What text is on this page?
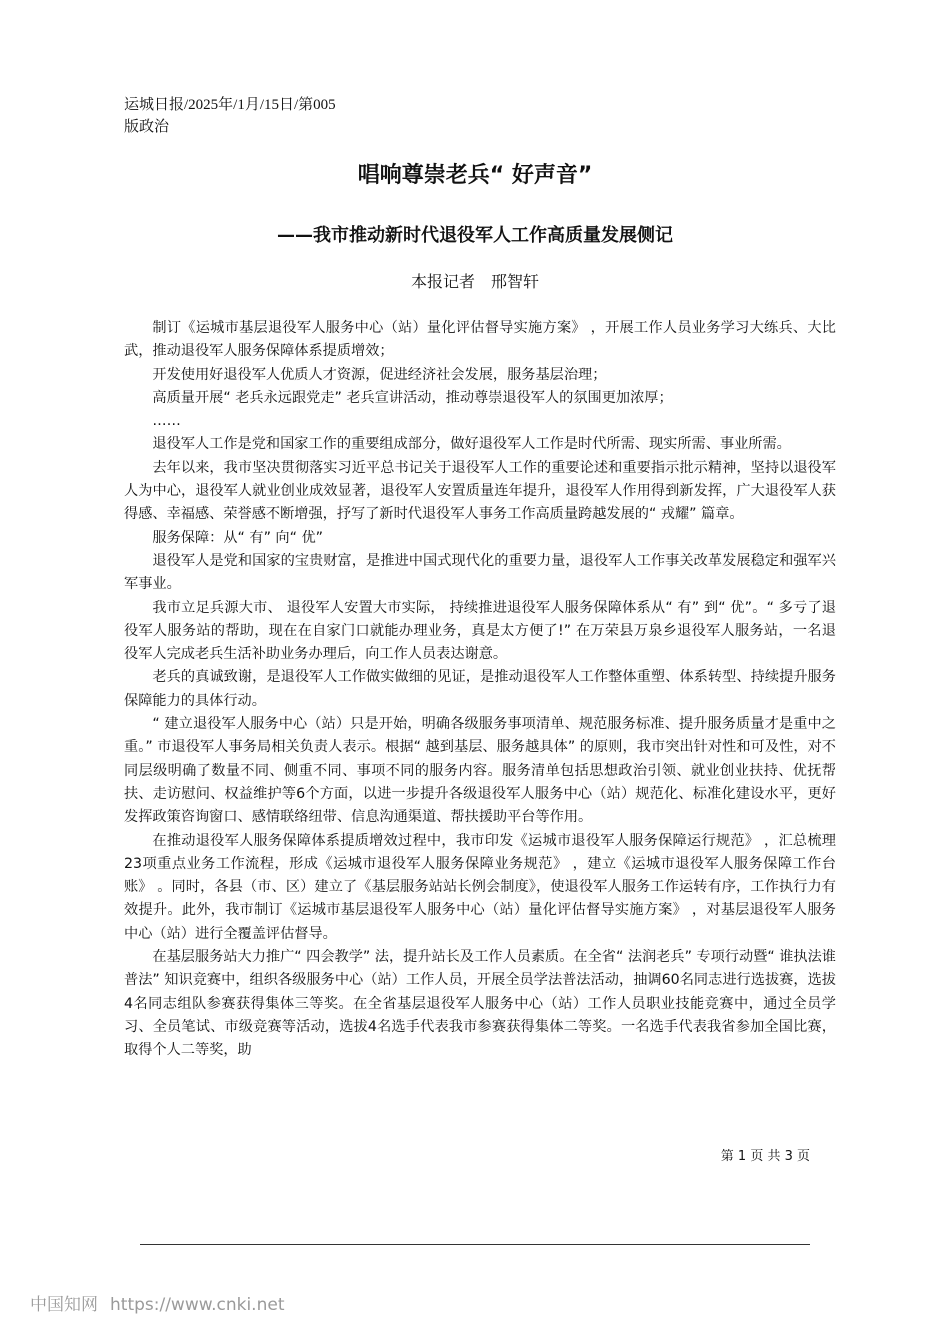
运城日报/2025年/1月/15日/第005
版政治
唱响尊崇老兵“ 好声音”
——我市推动新时代退役军人工作高质量发展侧记
本报记者　邢智轩

制订《运城市基层退役军人服务中心（站）量化评估督导实施方案》 ，开展工作人员业务学习大练兵、大比武，推动退役军人服务保障体系提质增效；

开发使用好退役军人优质人才资源，促进经济社会发展，服务基层治理；

高质量开展“ 老兵永远跟党走” 老兵宣讲活动，推动尊崇退役军人的氛围更加浓厚；

……

退役军人工作是党和国家工作的重要组成部分，做好退役军人工作是时代所需、现实所需、事业所需。

去年以来，我市坚决贯彻落实习近平总书记关于退役军人工作的重要论述和重要指示批示精神，坚持以退役军人为中心，退役军人就业创业成效显著，退役军人安置质量连年提升，退役军人作用得到新发挥，广大退役军人获得感、幸福感、荣誉感不断增强，抒写了新时代退役军人事务工作高质量跨越发展的“ 戎耀” 篇章。

服务保障：从“ 有” 向“ 优”

退役军人是党和国家的宝贵财富，是推进中国式现代化的重要力量，退役军人工作事关改革发展稳定和强军兴军事业。

我市立足兵源大市、 退役军人安置大市实际， 持续推进退役军人服务保障体系从“ 有” 到“ 优”。“ 多亏了退役军人服务站的帮助，现在在自家门口就能办理业务，真是太方便了!” 在万荣县万泉乡退役军人服务站，一名退役军人完成老兵生活补助业务办理后，向工作人员表达谢意。

老兵的真诚致谢，是退役军人工作做实做细的见证，是推动退役军人工作整体重塑、体系转型、持续提升服务保障能力的具体行动。

“ 建立退役军人服务中心（站）只是开始，明确各级服务事项清单、规范服务标准、提升服务质量才是重中之重。” 市退役军人事务局相关负责人表示。根据“ 越到基层、服务越具体” 的原则，我市突出针对性和可及性，对不同层级明确了数量不同、侧重不同、事项不同的服务内容。服务清单包括思想政治引领、就业创业扶持、优抚帮扶、走访慰问、权益维护等6个方面，以进一步提升各级退役军人服务中心（站）规范化、标准化建设水平，更好发挥政策咨询窗口、感情联络纽带、信息沟通渠道、帮扶援助平台等作用。

在推动退役军人服务保障体系提质增效过程中，我市印发《运城市退役军人服务保障运行规范》 ，汇总梳理23项重点业务工作流程，形成《运城市退役军人服务保障业务规范》 ，建立《运城市退役军人服务保障工作台账》 。同时，各县（市、区）建立了《基层服务站站长例会制度》，使退役军人服务工作运转有序，工作执行力有效提升。此外，我市制订《运城市基层退役军人服务中心（站）量化评估督导实施方案》 ，对基层退役军人服务中心（站）进行全覆盖评估督导。

在基层服务站大力推广“ 四会教学” 法，提升站长及工作人员素质。在全省“ 法润老兵” 专项行动暨“ 谁执法谁普法” 知识竞赛中，组织各级服务中心（站）工作人员，开展全员学法普法活动，抽调60名同志进行选拔赛，选拔4名同志组队参赛获得集体三等奖。在全省基层退役军人服务中心（站）工作人员职业技能竞赛中，通过全员学习、全员笔试、市级竞赛等活动，选拔4名选手代表我市参赛获得集体二等奖。一名选手代表我省参加全国比赛，取得个人二等奖，助

第 1 页 共 3 页
中国知网 https://www.cnki.net
